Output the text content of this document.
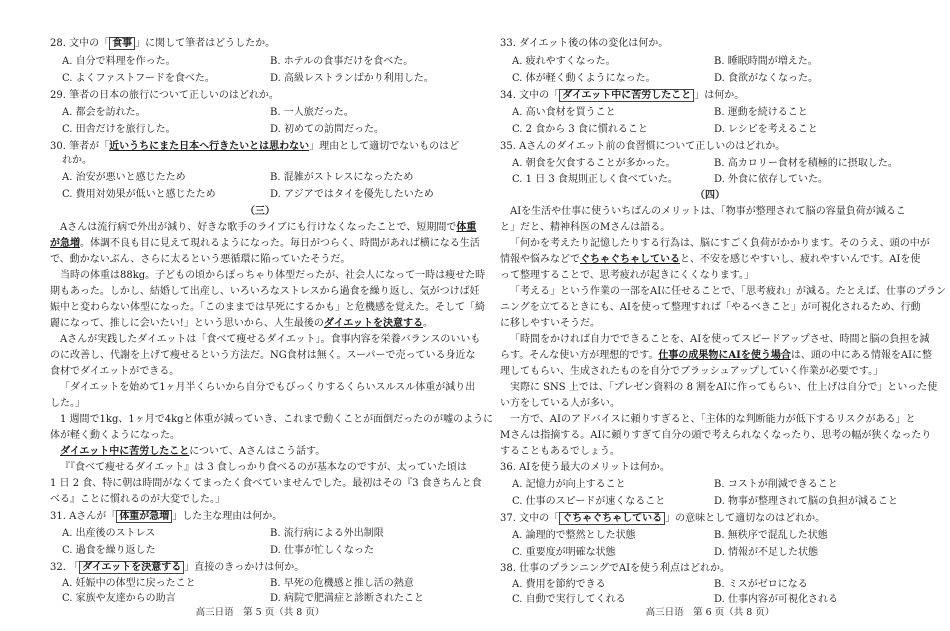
28. 文中の「 食事 」に関して筆者はどうしたか。
A. 自分で料理を作った。	B. ホテルの食事だけを食べた。
C. よくファストフードを食べた。	D. 高級レストランばかり利用した。
29. 筆者の日本の旅行について正しいのはどれか。
A. 都会を訪れた。	B. 一人旅だった。
C. 田舎だけを旅行した。	D. 初めての訪問だった。
30. 筆者が「近いうちにまた日本へ行きたいとは思わない」理由として適切でないものはど
れか。
A. 治安が悪いと感じたため	B. 混雑がストレスになったため
C. 費用対効果が低いと感じたため	D. アジアではタイを優先したいため
（三）
Aさんは流行病で外出が減り、好きな歌手のライブにも行けなくなったことで、短期間で体重
が急増。体調不良も目に見えて現れるようになった。毎日がつらく、時間があれば横になる生活
で、動かないぶん、さらに太るという悪循環に陥っていたそうだ。
当時の体重は88kg。子どもの頃からぽっちゃり体型だったが、社会人になって一時は痩せた時
期もあった。しかし、結婚して出産し、いろいろなストレスから過食を繰り返し、気がつけば妊
娠中と変わらない体型になった。「このままでは早死にするかも」と危機感を覚えた。そして「綺
麗になって、推しに会いたい!」という思いから、人生最後のダイエットを決意する。
Aさんが実践したダイエットは「食べて痩せるダイエット」。食事内容を栄養バランスのいいも
のに改善し、代謝を上げて痩せるという方法だ。NG食材は無く。スーパーで売っている身近な
食材でダイエットができる。
「ダイエットを始めて1ヶ月半くらいから自分でもびっくりするくらいスルスル体重が減り出
した。」
1 週間で1kg、1ヶ月で4kgと体重が減っていき、これまで動くことが面倒だったのが嘘のように
体が軽く動くようになった。
ダイエット中に苦労したことについて、Aさんはこう話す。
『『食べて痩せるダイエット』は 3 食しっかり食べるのが基本なのですが、太っていた頃は
1 日 2 食、特に朝は時間がなくてまったく食べていませんでした。最初はその『3 食きちんと食
べる』ことに慣れるのが大変でした。」
31. Aさんが「 体重が急増 」した主な理由は何か。
A. 出産後のストレス	B. 流行病による外出制限
C. 過食を繰り返した	D. 仕事が忙しくなった
32. 「 ダイエットを決意する 」直接のきっかけは何か。
A. 妊娠中の体型に戻ったこと	B. 早死の危機感と推し活の熱意
C. 家族や友達からの助言	D. 病院で肥満症と診断されたこと
高三日语　第 5 页（共 8 页）
33. ダイエット後の体の変化は何か。
A. 疲れやすくなった。	B. 睡眠時間が増えた。
C. 体が軽く動くようになった。	D. 食欲がなくなった。
34. 文中の「 ダイエット中に苦労したこと 」は何か。
A. 高い食材を買うこと	B. 運動を続けること
C. 2 食から 3 食に慣れること	D. レシピを考えること
35. Aさんのダイエット前の食習慣について正しいのはどれか。
A. 朝食を欠食することが多かった。	B. 高カロリー食材を積極的に摂取した。
C. 1 日 3 食規則正しく食べていた。	D. 外食に依存していた。
（四）
AIを生活や仕事に使ういちばんのメリットは、「物事が整理されて脳の容量負荷が減るこ
と」だと、精神科医のMさんは語る。
「何かを考えたり記憶したりする行為は、脳にすごく負荷がかかります。そのうえ、頭の中が
情報や悩みなどでぐちゃぐちゃしていると、不安を感じやすいし、疲れやすいんです。AIを使
って整理することで、思考疲れが起きにくくなります。」
「考える」という作業の一部をAIに任せることで、「思考疲れ」が減る。たとえば、仕事のプラン
ニングを立てるときにも、AIを使って整理すれば「やるべきこと」が可視化されるため、行動
に移しやすいそうだ。
「時間をかければ自力でできることを、AIを使ってスピードアップさせ、時間と脳の負担を減
らす。そんな使い方が理想的です。仕事の成果物にAIを使う場合は、頭の中にある情報をAIに整
理してもらい、生成されたものを自分でブラッシュアップしていく作業が必要です。」
実際に SNS 上では、「プレゼン資料の 8 割をAIに作ってもらい、仕上げは自分で」といった使
い方をしている人が多い。
一方で、AIのアドバイスに頼りすぎると、「主体的な判断能力が低下するリスクがある」と
Mさんは指摘する。AIに頼りすぎて自分の頭で考えられなくなったり、思考の幅が狭くなったり
することもあるでしょう。
36. AIを使う最大のメリットは何か。
A. 記憶力が向上すること	B. コストが削減できること
C. 仕事のスピードが速くなること	D. 物事が整理されて脳の負担が減ること
37. 文中の「 ぐちゃぐちゃしている 」の意味として適切なのはどれか。
A. 論理的で整然とした状態	B. 無秩序で混乱した状態
C. 重要度が明確な状態	D. 情報が不足した状態
38. 仕事のプランニングでAIを使う利点はどれか。
A. 費用を節約できる	B. ミスがゼロになる
C. 自動で実行してくれる	D. 仕事内容が可視化される
高三日语　第 6 页（共 8 页）
